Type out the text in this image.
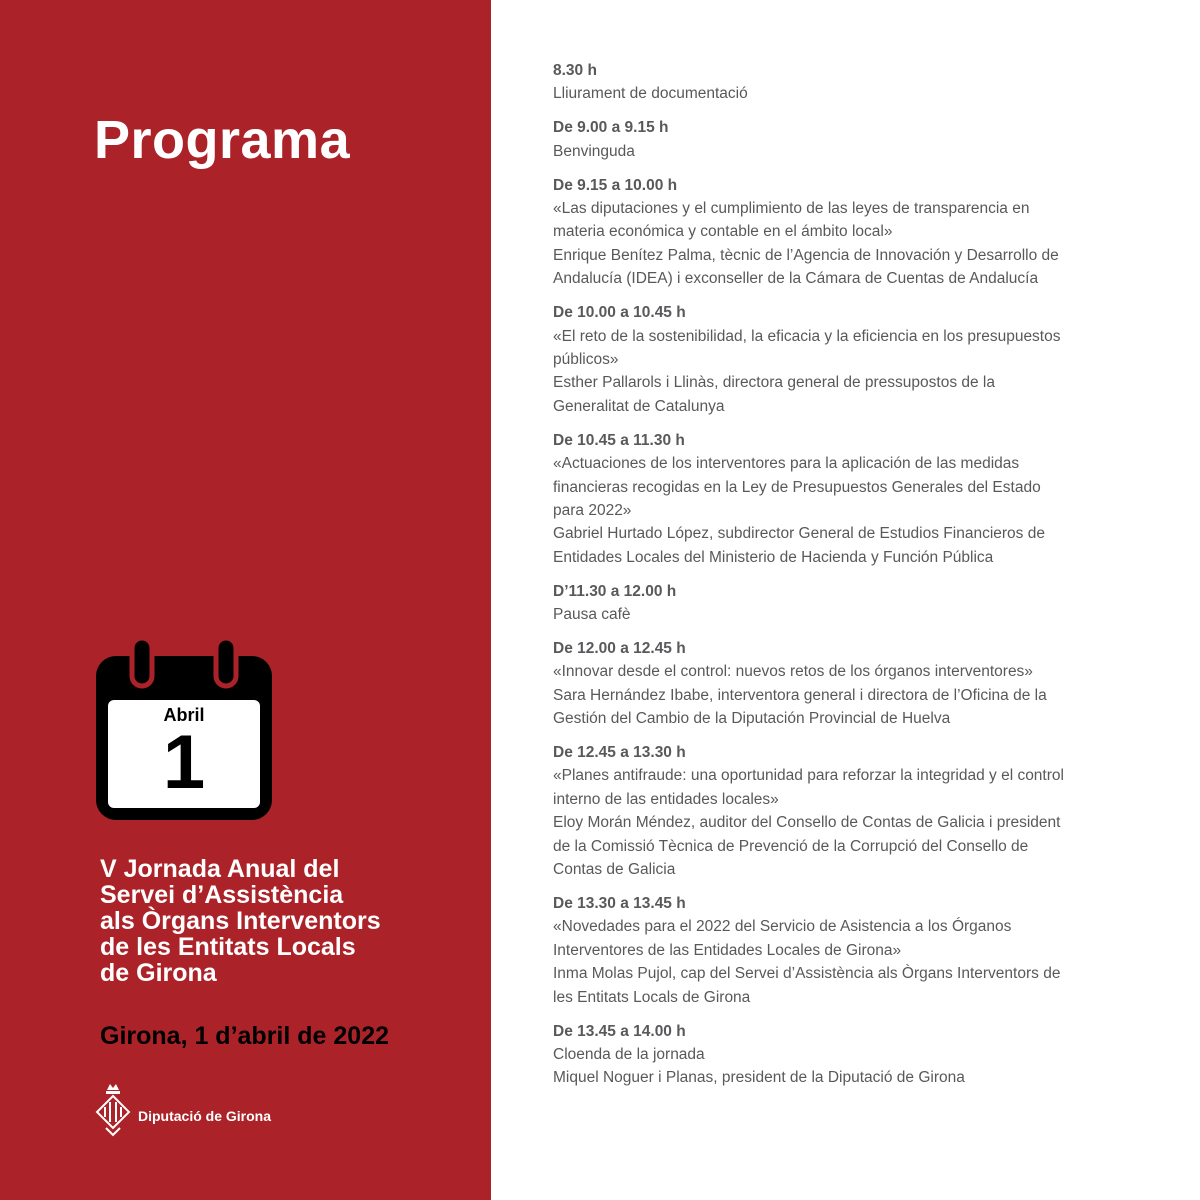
Programa
Abril
1
V Jornada Anual del
Servei d’Assistència
als Òrgans Interventors
de les Entitats Locals
de Girona
Girona, 1 d’abril de 2022
Diputació de Girona
8.30 h
Lliurament de documentació
De 9.00 a 9.15 h
Benvinguda
De 9.15 a 10.00 h
«Las diputaciones y el cumplimiento de las leyes de transparencia en
materia económica y contable en el ámbito local»
Enrique Benítez Palma, tècnic de l’Agencia de Innovación y Desarrollo de
Andalucía (IDEA) i exconseller de la Cámara de Cuentas de Andalucía
De 10.00 a 10.45 h
«El reto de la sostenibilidad, la eficacia y la eficiencia en los presupuestos
públicos»
Esther Pallarols i Llinàs, directora general de pressupostos de la
Generalitat de Catalunya
De 10.45 a 11.30 h
«Actuaciones de los interventores para la aplicación de las medidas
financieras recogidas en la Ley de Presupuestos Generales del Estado
para 2022»
Gabriel Hurtado López, subdirector General de Estudios Financieros de
Entidades Locales del Ministerio de Hacienda y Función Pública
D’11.30 a 12.00 h
Pausa cafè
De 12.00 a 12.45 h
«Innovar desde el control: nuevos retos de los órganos interventores»
Sara Hernández Ibabe, interventora general i directora de l’Oficina de la
Gestión del Cambio de la Diputación Provincial de Huelva
De 12.45 a 13.30 h
«Planes antifraude: una oportunidad para reforzar la integridad y el control
interno de las entidades locales»
Eloy Morán Méndez, auditor del Consello de Contas de Galicia i president
de la Comissió Tècnica de Prevenció de la Corrupció del Consello de
Contas de Galicia
De 13.30 a 13.45 h
«Novedades para el 2022 del Servicio de Asistencia a los Órganos
Interventores de las Entidades Locales de Girona»
Inma Molas Pujol, cap del Servei d’Assistència als Òrgans Interventors de
les Entitats Locals de Girona
De 13.45 a 14.00 h
Cloenda de la jornada
Miquel Noguer i Planas, president de la Diputació de Girona
